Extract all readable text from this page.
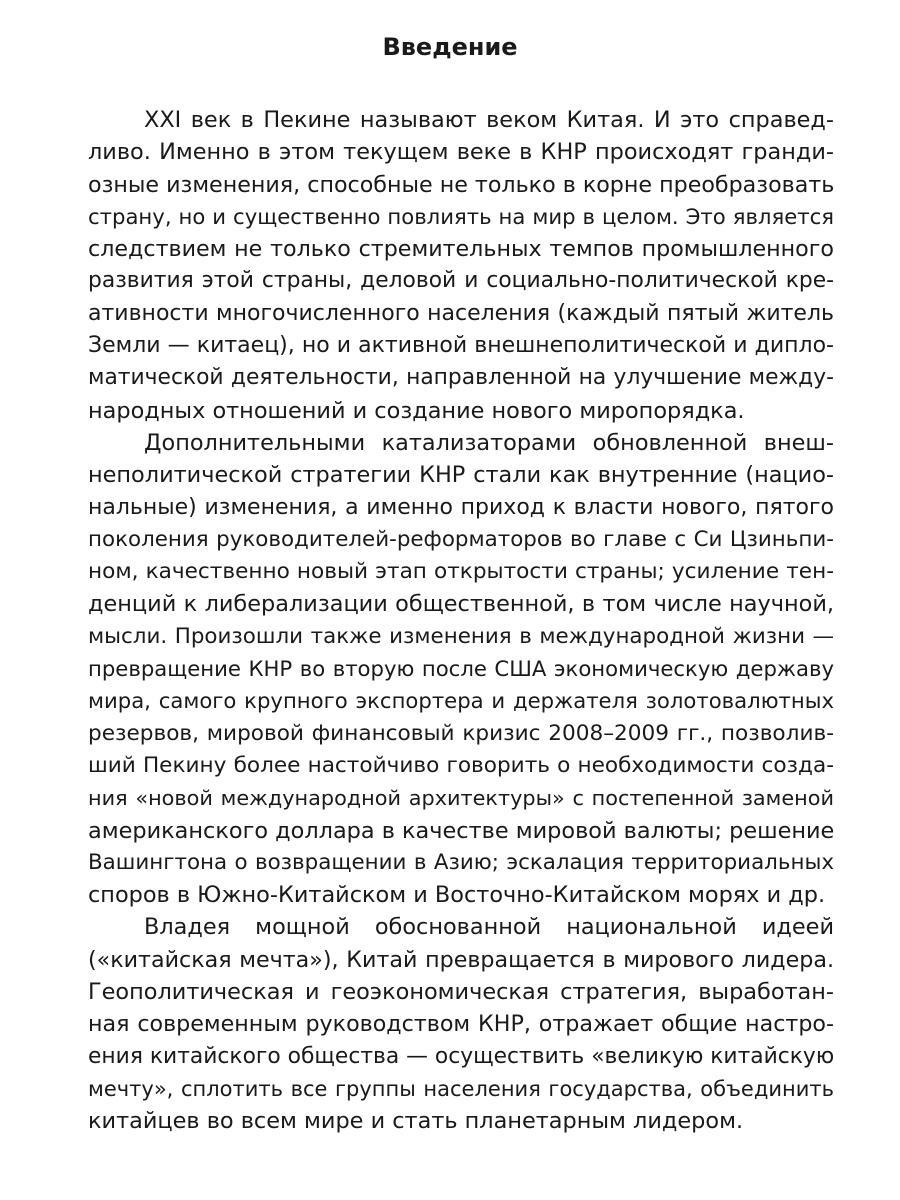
Введение
XXI век в Пекине называют веком Китая. И это справед-
ливо. Именно в этом текущем веке в КНР происходят гранди-
озные изменения, способные не только в корне преобразовать
страну, но и существенно повлиять на мир в целом. Это является
следствием не только стремительных темпов промышленного
развития этой страны, деловой и социально-политической кре-
ативности многочисленного населения (каждый пятый житель
Земли — китаец), но и активной внешнеполитической и дипло-
матической деятельности, направленной на улучшение между-
народных отношений и создание нового миропорядка.
Дополнительными катализаторами обновленной внеш-
неполитической стратегии КНР стали как внутренние (нацио-
нальные) изменения, а именно приход к власти нового, пятого
поколения руководителей-реформаторов во главе с Си Цзиньпи-
ном, качественно новый этап открытости страны; усиление тен-
денций к либерализации общественной, в том числе научной,
мысли. Произошли также изменения в международной жизни —
превращение КНР во вторую после США экономическую державу
мира, самого крупного экспортера и держателя золотовалютных
резервов, мировой финансовый кризис 2008–2009 гг., позволив-
ший Пекину более настойчиво говорить о необходимости созда-
ния «новой международной архитектуры» с постепенной заменой
американского доллара в качестве мировой валюты; решение
Вашингтона о возвращении в Азию; эскалация территориальных
споров в Южно-Китайском и Восточно-Китайском морях и др.
Владея мощной обоснованной национальной идеей
(«китайская мечта»), Китай превращается в мирового лидера.
Геополитическая и геоэкономическая стратегия, выработан-
ная современным руководством КНР, отражает общие настро-
ения китайского общества — осуществить «великую китайскую
мечту», сплотить все группы населения государства, объединить
китайцев во всем мире и стать планетарным лидером.
